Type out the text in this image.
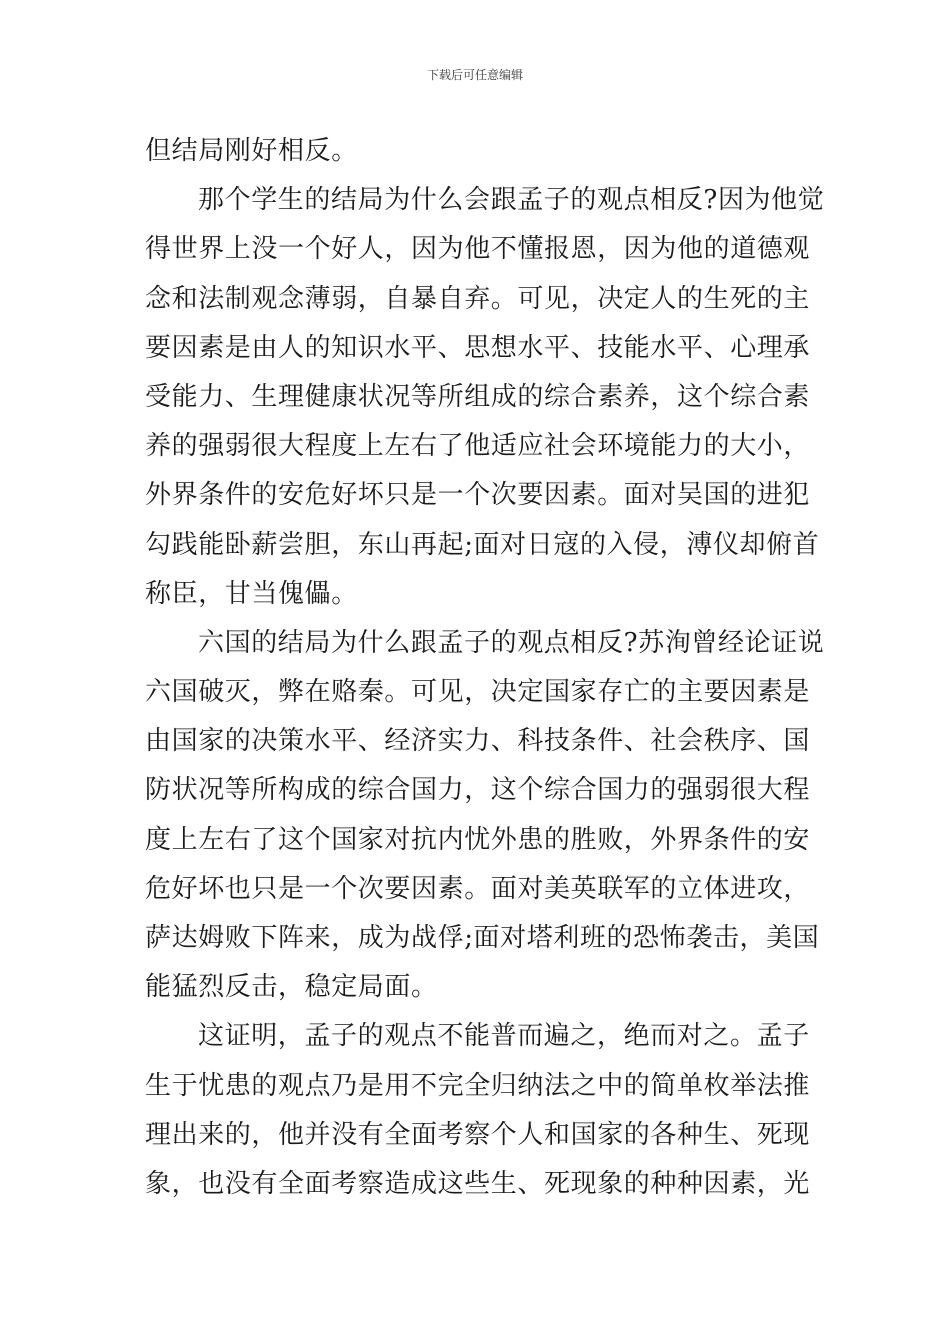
下载后可任意编辑
但结局刚好相反。
那个学生的结局为什么会跟孟子的观点相反?因为他觉
得世界上没一个好人，因为他不懂报恩，因为他的道德观
念和法制观念薄弱，自暴自弃。可见，决定人的生死的主
要因素是由人的知识水平、思想水平、技能水平、心理承
受能力、生理健康状况等所组成的综合素养，这个综合素
养的强弱很大程度上左右了他适应社会环境能力的大小，
外界条件的安危好坏只是一个次要因素。面对吴国的进犯
勾践能卧薪尝胆，东山再起;面对日寇的入侵，溥仪却俯首
称臣，甘当傀儡。
六国的结局为什么跟孟子的观点相反?苏洵曾经论证说
六国破灭，弊在赂秦。可见，决定国家存亡的主要因素是
由国家的决策水平、经济实力、科技条件、社会秩序、国
防状况等所构成的综合国力，这个综合国力的强弱很大程
度上左右了这个国家对抗内忧外患的胜败，外界条件的安
危好坏也只是一个次要因素。面对美英联军的立体进攻，
萨达姆败下阵来，成为战俘;面对塔利班的恐怖袭击，美国
能猛烈反击，稳定局面。
这证明，孟子的观点不能普而遍之，绝而对之。孟子
生于忧患的观点乃是用不完全归纳法之中的简单枚举法推
理出来的，他并没有全面考察个人和国家的各种生、死现
象，也没有全面考察造成这些生、死现象的种种因素，光
